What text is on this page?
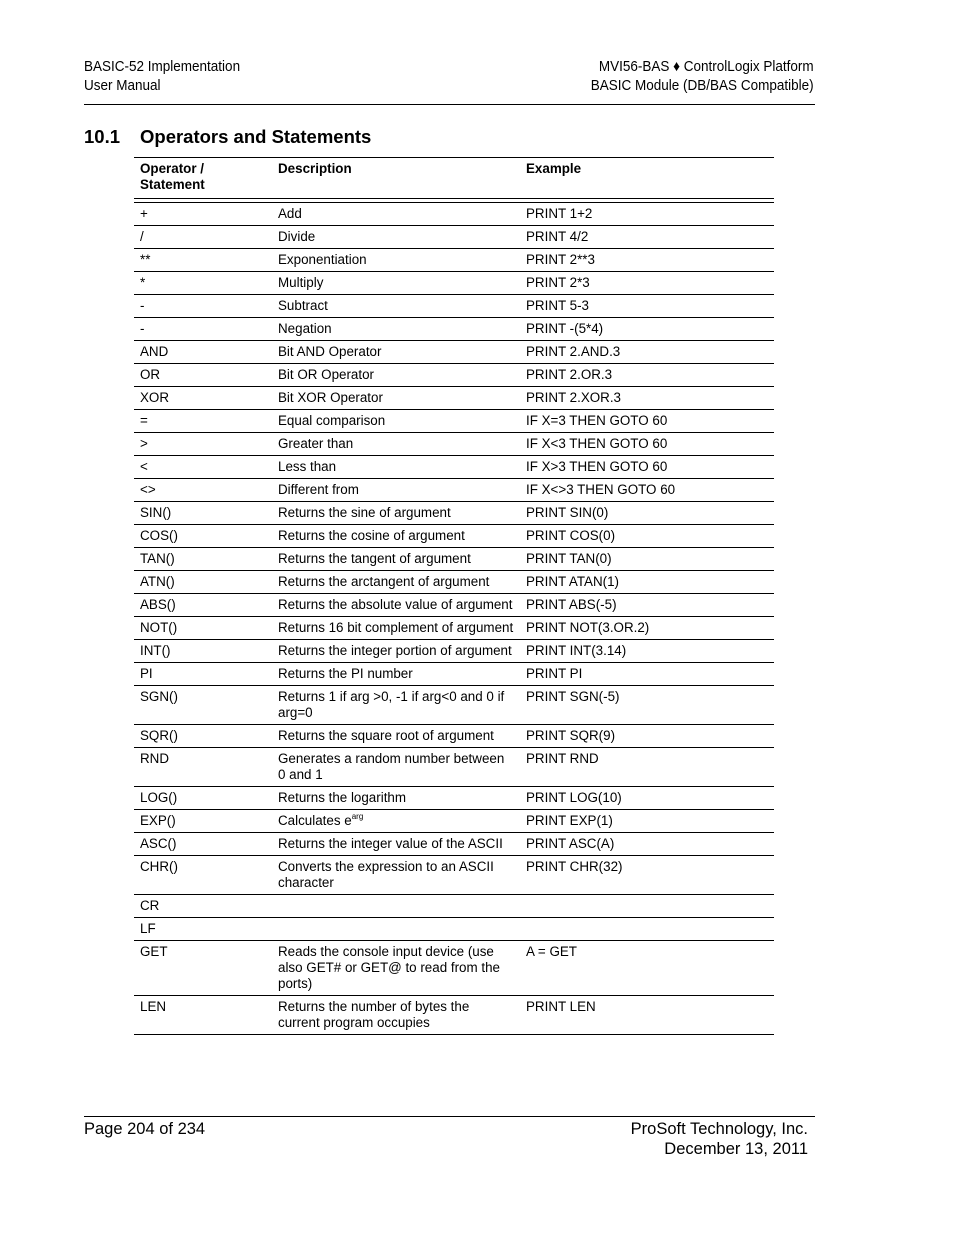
BASIC-52 Implementation
User Manual
MVI56-BAS ♦ ControlLogix Platform
BASIC Module (DB/BAS Compatible)
10.1 Operators and Statements
Operator / Statement	Description	Example

+	Add	PRINT 1+2
/	Divide	PRINT 4/2
**	Exponentiation	PRINT 2**3
*	Multiply	PRINT 2*3
-	Subtract	PRINT 5-3
-	Negation	PRINT -(5*4)
AND	Bit AND Operator	PRINT 2.AND.3
OR	Bit OR Operator	PRINT 2.OR.3
XOR	Bit XOR Operator	PRINT 2.XOR.3
=	Equal comparison	IF X=3 THEN GOTO 60
>	Greater than	IF X<3 THEN GOTO 60
<	Less than	IF X>3 THEN GOTO 60
<>	Different from	IF X<>3 THEN GOTO 60
SIN()	Returns the sine of argument	PRINT SIN(0)
COS()	Returns the cosine of argument	PRINT COS(0)
TAN()	Returns the tangent of argument	PRINT TAN(0)
ATN()	Returns the arctangent of argument	PRINT ATAN(1)
ABS()	Returns the absolute value of argument	PRINT ABS(-5)
NOT()	Returns 16 bit complement of argument	PRINT NOT(3.OR.2)
INT()	Returns the integer portion of argument	PRINT INT(3.14)
PI	Returns the PI number	PRINT PI
SGN()	Returns 1 if arg >0, -1 if arg<0 and 0 if arg=0	PRINT SGN(-5)
SQR()	Returns the square root of argument	PRINT SQR(9)
RND	Generates a random number between 0 and 1	PRINT RND
LOG()	Returns the logarithm	PRINT LOG(10)
EXP()	Calculates $e^{arg}$	PRINT EXP(1)
ASC()	Returns the integer value of the ASCII	PRINT ASC(A)
CHR()	Converts the expression to an ASCII character	PRINT CHR(32)
CR		
LF		
GET	Reads the console input device (use also GET# or GET@ to read from the ports)	A = GET
LEN	Returns the number of bytes the current program occupies	PRINT LEN
Page 204 of 234	ProSoft Technology, Inc.
December 13, 2011
